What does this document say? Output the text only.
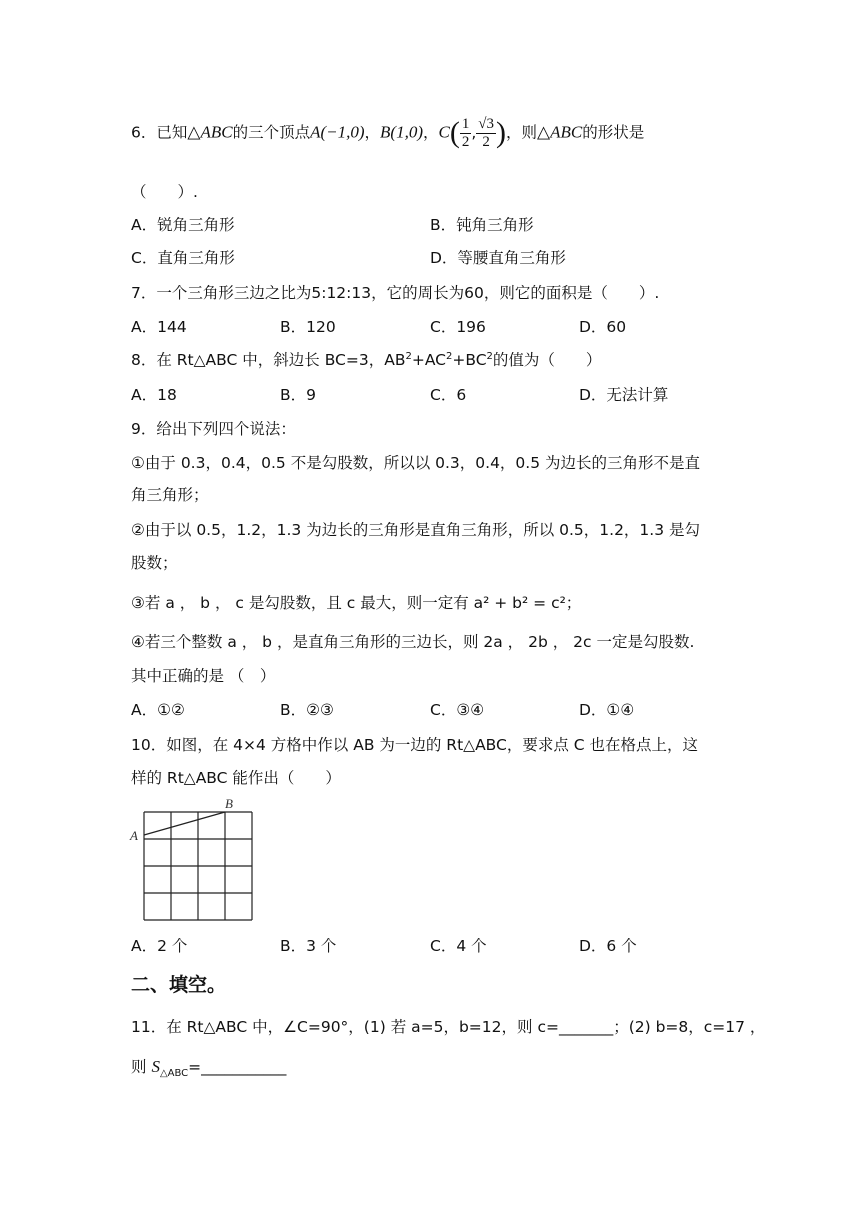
6．已知△ABC的三个顶点A(−1,0)，B(1,0)，$C( \frac{1}{2}$ , $\frac{√3}{2}$ )，则△ABC的形状是
（　　）.
A．锐角三角形	B．钝角三角形
C．直角三角形	D．等腰直角三角形
7．一个三角形三边之比为5:12:13，它的周长为60，则它的面积是（　　）.
A．144	B．120	C．196	D．60
8．在 Rt△ABC 中，斜边长 BC=3，$AB^2+AC^2+BC^2$的值为（　　）
A．18	B．9	C．6	D．无法计算
9．给出下列四个说法：
①由于 0.3，0.4，0.5 不是勾股数，所以以 0.3，0.4，0.5 为边长的三角形不是直
角三角形；
②由于以 0.5，1.2，1.3 为边长的三角形是直角三角形，所以 0.5，1.2，1.3 是勾
股数；
③若 a ， b ， c 是勾股数，且 c 最大，则一定有 a² + b² = c²；
④若三个整数 a ， b ，是直角三角形的三边长，则 2a ， 2b ， 2c 一定是勾股数.
其中正确的是 （　）
A．①②	B．②③	C．③④	D．①④
10．如图，在 4×4 方格中作以 AB 为一边的 Rt△ABC，要求点 C 也在格点上，这
样的 Rt△ABC 能作出（　　）
A
B
A．2 个	B．3 个	C．4 个	D．6 个
二、填空。
11．在 Rt△ABC 中，∠C=90°，(1) 若 a=5，b=12，则 c=_______；(2) b=8，c=17 ，
则 $S_{\triangle ABC}=\_\_\_\_\_\_\_\_\_\_\_$
